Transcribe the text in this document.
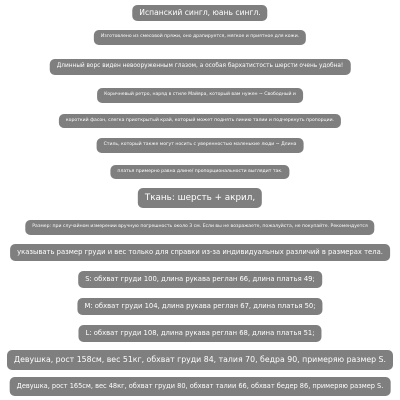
Испанский сингл, юань сингл.
Изготовлено из смесовой пряжи, оно драпируется, мягкое и приятное для кожи.
Длинный ворс виден невооруженным глазом, а особая бархатистость шерсти очень удобна!
Коричневый ретро, наряд в стиле Майяра, который вам нужен ~ Свободный и
короткий фасон, слегка приоткрытый край, который может поднять линию талии и подчеркнуть пропорции.
Стиль, который также могут носить с уверенностью маленькие люди ~ Длина
платья примерно равна длине/ пропорциональности выглядит так.
Ткань: шерсть + акрил,
Размер: при случайном измерении вручную погрешность около 3 см. Если вы не возражаете, пожалуйста, не покупайте. Рекомендуется
указывать размер груди и вес только для справки из-за индивидуальных различий в размерах тела.
S: обхват груди 100, длина рукава реглан 66, длина платья 49;
M: обхват груди 104, длина рукава реглан 67, длина платья 50;
L: обхват груди 108, длина рукава реглан 68, длина платья 51;
Девушка, рост 158см, вес 51кг, обхват груди 84, талия 70, бедра 90, примеряю размер S.
Девушка, рост 165см, вес 48кг, обхват груди 80, обхват талии 66, обхват бедер 86, примеряю размер S.
